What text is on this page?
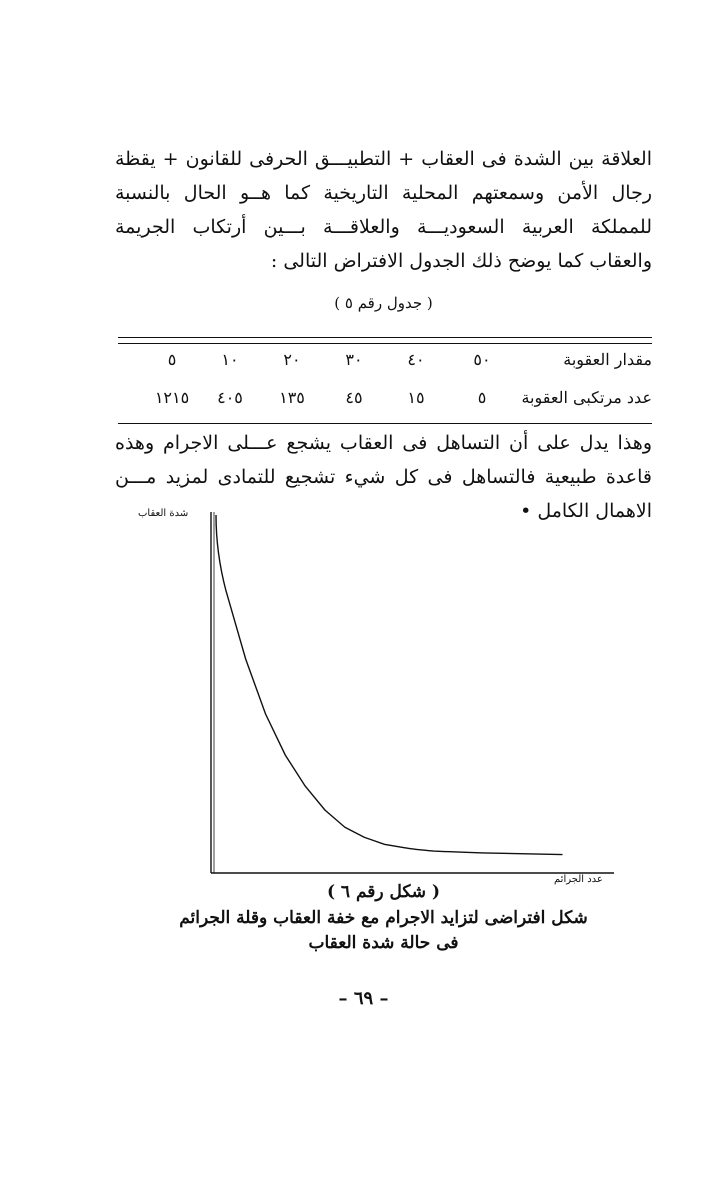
العلاقة بين الشدة فى العقاب + التطبيـــق الحرفى للقانون + يقظة رجال الأمن وسمعتهم المحلية التاريخية كما هــو الحال بالنسبة للمملكة العربية السعوديـــة والعلاقـــة بـــين أرتكاب الجريمة والعقاب كما يوضح ذلك الجدول الافتراض التالى :

( جدول رقم ٥ )
مقدار العقوبة
٥٠
٤٠
٣٠
٢٠
١٠
٥
عدد مرتكبى العقوبة
٥
١٥
٤٥
١٣٥
٤٠٥
١٢١٥

وهذا يدل على أن التساهل فى العقاب يشجع عـــلى الاجرام وهذه قاعدة طبيعية فالتساهل فى كل شيء تشجيع للتمادى لمزيد مـــن الاهمال الكامل •

شدة العقاب
عدد الجرائم

( شكل رقم ٦ )

شكل افتراضى لتزايد الاجرام مع خفة العقاب وقلة الجرائم

فى حالة شدة العقاب

– ٦٩ –
